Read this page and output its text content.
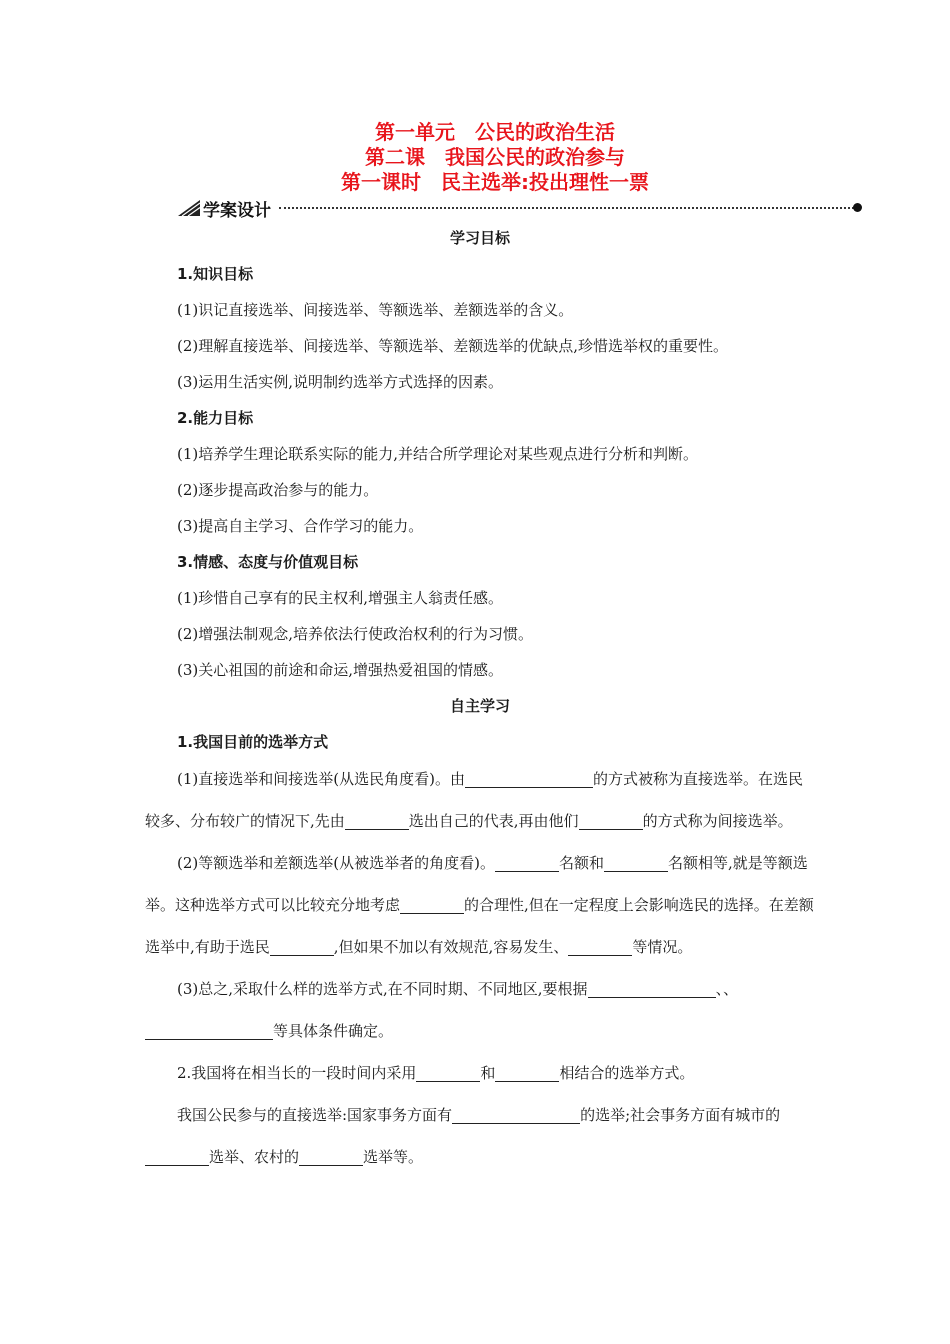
第一单元　公民的政治生活
第二课　我国公民的政治参与
第一课时　民主选举:投出理性一票
学案设计
学习目标
1.知识目标
(1)识记直接选举、间接选举、等额选举、差额选举的含义。
(2)理解直接选举、间接选举、等额选举、差额选举的优缺点,珍惜选举权的重要性。
(3)运用生活实例,说明制约选举方式选择的因素。
2.能力目标
(1)培养学生理论联系实际的能力,并结合所学理论对某些观点进行分析和判断。
(2)逐步提高政治参与的能力。
(3)提高自主学习、合作学习的能力。
3.情感、态度与价值观目标
(1)珍惜自己享有的民主权利,增强主人翁责任感。
(2)增强法制观念,培养依法行使政治权利的行为习惯。
(3)关心祖国的前途和命运,增强热爱祖国的情感。
自主学习
1.我国目前的选举方式

(1)直接选举和间接选举(从选民角度看)。由	的方式被称为直接选举。在选民较多、分布较广的情况下,先由	选出自己的代表,再由他们	的方式称为间接选举。

(2)等额选举和差额选举(从被选举者的角度看)。	名额和	名额相等,就是等额选举。这种选举方式可以比较充分地考虑	的合理性,但在一定程度上会影响选民的选择。在差额选举中,有助于选民	,但如果不加以有效规范,容易发生、	等情况。

(3)总之,采取什么样的选举方式,在不同时期、不同地区,要根据	、、等具体条件确定。

2.我国将在相当长的一段时间内采用	和	相结合的选举方式。

我国公民参与的直接选举:国家事务方面有	的选举;社会事务方面有城市的选举、农村的	选举等。
